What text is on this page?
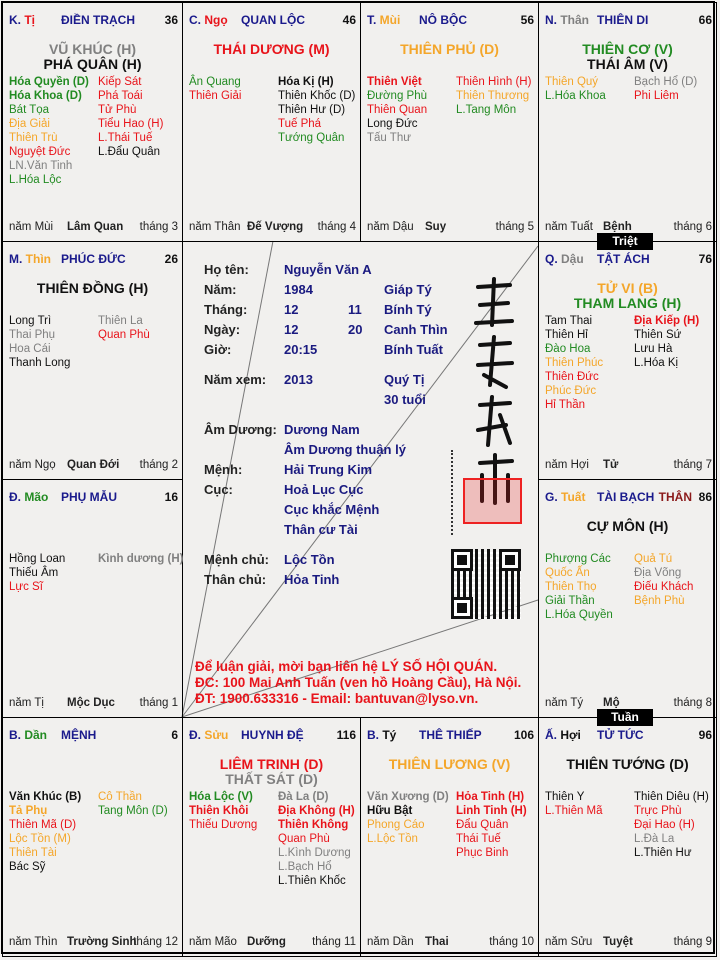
K. Tị ĐIỀN TRẠCH 36
VŨ KHÚC (H)
PHÁ QUÂN (H)
Hóa Quyền (D)
Hóa Khoa (D)
Bát Tọa
Địa Giải
Thiên Trù
Nguyệt Đức
LN.Văn Tinh
L.Hóa Lộc
Kiếp Sát
Phá Toái
Tử Phù
Tiểu Hao (H)
L.Thái Tuế
L.Đẩu Quân
năm Mùi Lâm Quan tháng 3
C. Ngọ QUAN LỘC	46
THÁI DƯƠNG (M)
Ân Quang
Thiên Giải
Hóa Kị (H)
Thiên Khốc (D)
Thiên Hư (D)
Tuế Phá
Tướng Quân
năm Thân Đế Vượng tháng 4
T. Mùi NÔ BỘC	56
THIÊN PHỦ (D)
Thiên Việt
Đường Phù
Thiên Quan
Long Đức
Tấu Thư
Thiên Hình (H)
Thiên Thương
L.Tang Môn
năm Dậu Suy	tháng 5
N. Thân THIÊN DI	66
THIÊN CƠ (V)
THÁI ÂM (V)
Thiên Quý
L.Hóa Khoa
Bạch Hổ (D)
Phi Liêm
năm Tuất Bệnh	tháng 6
M. Thìn PHÚC ĐỨC	26
THIÊN ĐỒNG (H)
Long Trì
Thai Phụ
Hoa Cái
Thanh Long
Thiên La
Quan Phù
năm Ngọ Quan Đới tháng 2
Q. Dậu TẬT ÁCH	76
TỬ VI (B)
THAM LANG (H)
Tam Thai
Thiên Hỉ
Đào Hoa
Thiên Phúc
Thiên Đức
Phúc Đức
Hỉ Thần
Địa Kiếp (H)
Thiên Sứ
Lưu Hà
L.Hóa Kị
năm Hợi Tử	tháng 7
Đ. Mão PHỤ MẪU	16
Hồng Loan
Thiếu Âm
Lực Sĩ
Kình dương (H)
năm Tị Mộc Dục tháng 1
G. Tuất TÀI BẠCH THÂN 86
CỰ MÔN (H)
Phượng Các
Quốc Ấn
Thiên Thọ
Giải Thần
L.Hóa Quyền
Quả Tú
Địa Võng
Điếu Khách
Bệnh Phù
năm Tý Mộ	tháng 8
B. Dần MỆNH	6
Văn Khúc (B)
Tả Phụ
Thiên Mã (D)
Lộc Tồn (M)
Thiên Tài
Bác Sỹ
Cô Thần
Tang Môn (D)
năm Thìn Trường Sinh
tháng 12
Đ. Sửu HUYNH ĐỆ	116
LIÊM TRINH (D)
THẤT SÁT (D)
Hóa Lộc (V)
Thiên Khôi
Thiếu Dương
Đà La (D)
Địa Không (H)
Thiên Không
Quan Phù
L.Kình Dương
L.Bạch Hổ
L.Thiên Khốc
năm Mão Dưỡng tháng 11
B. Tý THÊ THIẾP	106
THIÊN LƯƠNG (V)
Văn Xương (D)
Hữu Bật
Phong Cáo
L.Lộc Tồn
Hỏa Tinh (H)
Linh Tinh (H)
Đẩu Quân
Thái Tuế
Phục Binh
năm Dần Thai	tháng 10
Ấ. Hợi TỬ TỨC	96
THIÊN TƯỚNG (D)
Thiên Y
L.Thiên Mã
Thiên Diêu (H)
Trực Phù
Đại Hao (H)
L.Đà La
L.Thiên Hư
năm Sửu Tuyệt	tháng 9
Triệt
Tuần
Họ tên:	Nguyễn Văn A
Năm:	1984	Giáp Tý
Tháng:	12	11 Bính Tý
Ngày:	12	20 Canh Thìn
Giờ:	20:15	Bính Tuất
Năm xem: 2013	Quý Tị
30 tuổi
Âm Dương: Dương Nam
Âm Dương thuận lý
Mệnh:	Hải Trung Kim
Cục:	Hoả Lục Cục
Cục khắc Mệnh
Thân cư Tài
Mệnh chủ: Lộc Tồn
Thân chủ: Hỏa Tinh
Để luận giải, mời bạn liên hệ LÝ SỐ HỘI QUÁN.
ĐC: 100 Mai Anh Tuấn (ven hồ Hoàng Cầu), Hà Nội.
ĐT: 1900.633316 - Email: bantuvan@lyso.vn.
